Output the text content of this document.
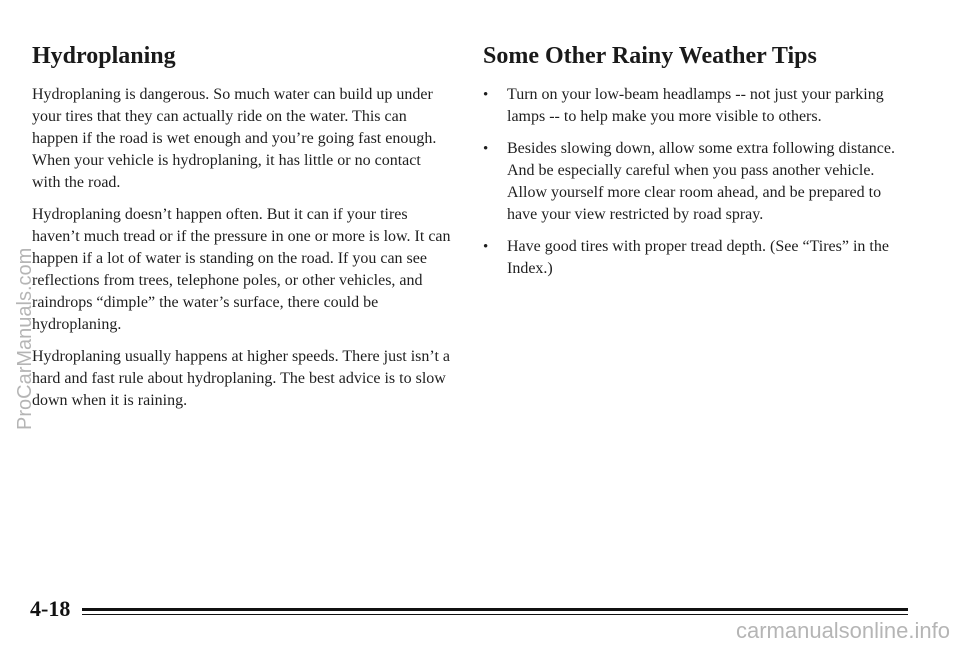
Hydroplaning

Hydroplaning is dangerous. So much water can build up under your tires that they can actually ride on the water. This can happen if the road is wet enough and you’re going fast enough. When your vehicle is hydroplaning, it has little or no contact with the road.

Hydroplaning doesn’t happen often. But it can if your tires haven’t much tread or if the pressure in one or more is low. It can happen if a lot of water is standing on the road. If you can see reflections from trees, telephone poles, or other vehicles, and raindrops “dimple” the water’s surface, there could be hydroplaning.

Hydroplaning usually happens at higher speeds. There just isn’t a hard and fast rule about hydroplaning. The best advice is to slow down when it is raining.

Some Other Rainy Weather Tips
• Turn on your low-beam headlamps -- not just your parking lamps -- to help make you more visible to others.
• Besides slowing down, allow some extra following distance. And be especially careful when you pass another vehicle. Allow yourself more clear room ahead, and be prepared to have your view restricted by road spray.
• Have good tires with proper tread depth. (See “Tires” in the Index.)
ProCarManuals.com
4-18
carmanualsonline.info
